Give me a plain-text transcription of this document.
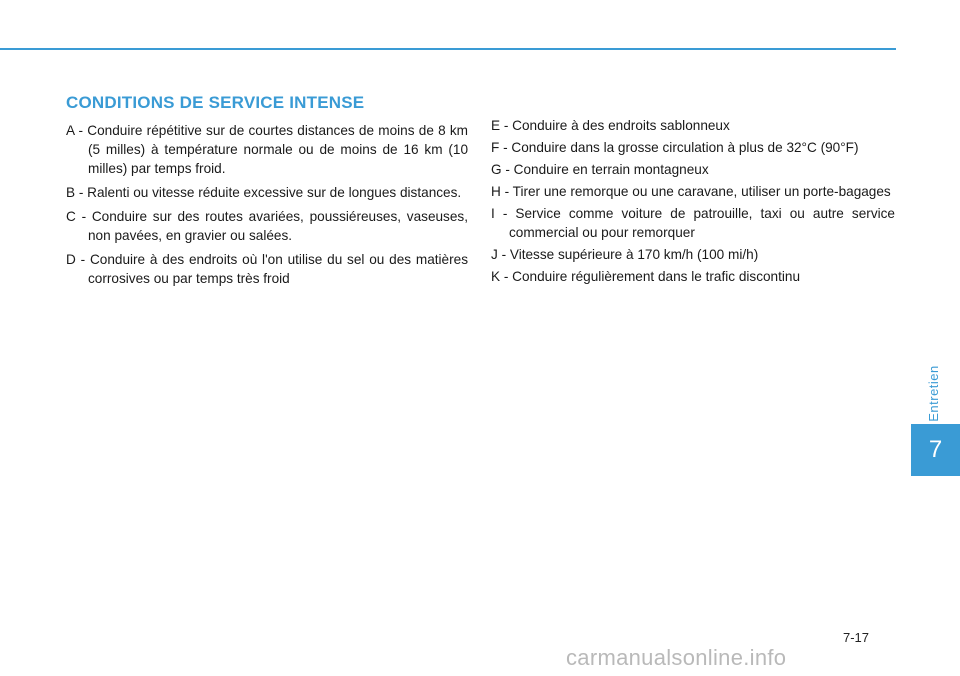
CONDITIONS DE SERVICE INTENSE

A - Conduire répétitive sur de courtes distances de moins de 8 km (5 milles) à température normale ou de moins de 16 km (10 milles) par temps froid.

B - Ralenti ou vitesse réduite excessive sur de longues distances.

C - Conduire sur des routes avariées, poussiéreuses, vaseuses, non pavées, en gravier ou salées.

D - Conduire à des endroits où l'on utilise du sel ou des matières corrosives ou par temps très froid

E - Conduire à des endroits sablonneux

F - Conduire dans la grosse circulation à plus de 32°C (90°F)

G - Conduire en terrain montagneux

H - Tirer une remorque ou une caravane, utiliser un porte-bagages

I - Service comme voiture de patrouille, taxi ou autre service commercial ou pour remorquer

J - Vitesse supérieure à 170 km/h (100 mi/h)

K - Conduire régulièrement dans le trafic discontinu

Entretien
7
7-17
carmanualsonline.info
